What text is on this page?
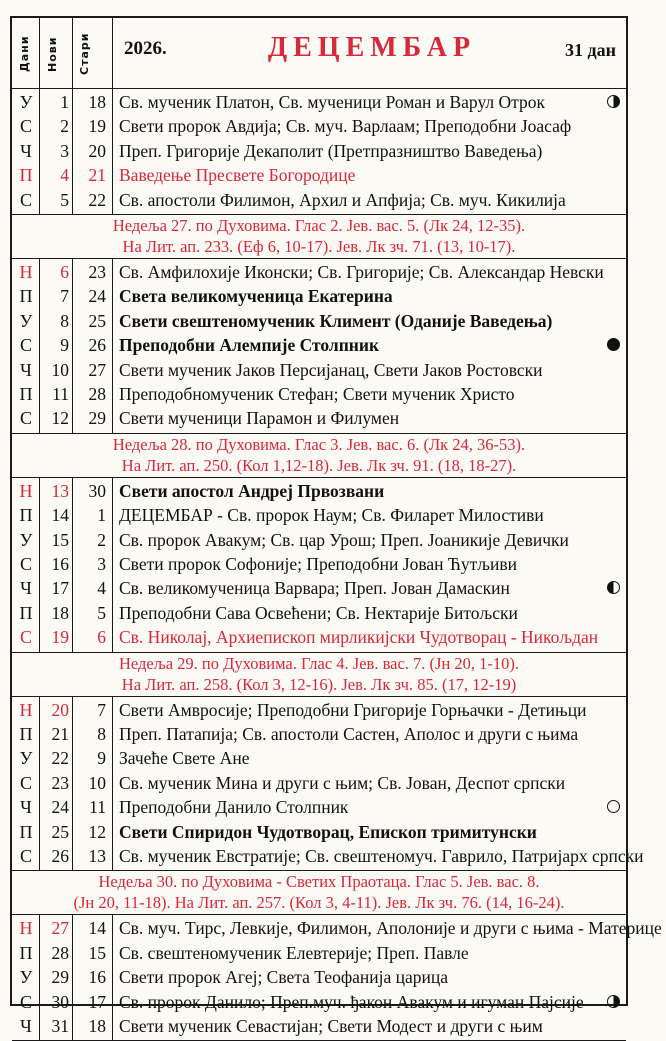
Дани Нови Стари 2026.	ДЕЦЕМБАР	31 дан
У	1	18 Св. мученик Платон, Св. мученици Роман и Варул Отрок
С	2	19 Свети пророк Авдија; Св. муч. Варлаам; Преподобни Јоасаф
Ч	3	20 Преп. Григорије Декаполит (Претпразништво Ваведења)
П	4	21 Ваведење Пресвете Богородице
С	5	22 Св. апостоли Филимон, Архил и Апфија; Св. муч. Кикилија
Недеља 27. по Духовима. Глас 2. Јев. вас. 5. (Лк 24, 12-35).
На Лит. ап. 233. (Еф 6, 10-17). Јев. Лк зч. 71. (13, 10-17).
Н	6	23 Св. Амфилохије Иконски; Св. Григорије; Св. Александар Невски
П	7	24 Света великомученица Екатерина
У	8	25 Свети свештеномученик Климент (Оданије Ваведења)
С	9	26 Преподобни Алемпије Столпник
Ч	10	27 Свети мученик Јаков Персијанац, Свети Јаков Ростовски
П	11	28 Преподобномученик Стефан; Свети мученик Христо
С	12	29 Свети мученици Парамон и Филумен
Недеља 28. по Духовима. Глас 3. Јев. вас. 6. (Лк 24, 36-53).
На Лит. ап. 250. (Кол 1,12-18). Јев. Лк зч. 91. (18, 18-27).
Н	13	30 Свети апостол Андреј Првозвани
П	14	1 ДЕЦЕМБАР - Св. пророк Наум; Св. Филарет Милостиви
У	15	2 Св. пророк Авакум; Св. цар Урош; Преп. Јоаникије Девички
С	16	3 Свети пророк Софоније; Преподобни Јован Ћутљиви
Ч	17	4 Св. великомученица Варвара; Преп. Јован Дамаскин
П	18	5 Преподобни Сава Освећени; Св. Нектарије Битољски
С	19	6 Св. Николај, Архиепископ мирликијски Чудотворац - Никољдан
Недеља 29. по Духовима. Глас 4. Јев. вас. 7. (Јн 20, 1-10).
На Лит. ап. 258. (Кол 3, 12-16). Јев. Лк зч. 85. (17, 12-19)
Н	20	7 Свети Амвросије; Преподобни Григорије Горњачки - Детињци
П	21	8 Преп. Патапија; Св. апостоли Састен, Аполос и други с њима
У	22	9 Зачеће Свете Ане
С	23	10 Св. мученик Мина и други с њим; Св. Јован, Деспот српски
Ч	24	11 Преподобни Данило Столпник
П	25	12 Свети Спиридон Чудотворац, Епископ тримитунски
С	26	13 Св. мученик Евстратије; Св. свештеномуч. Гаврило, Патријарх српски
Недеља 30. по Духовима - Светих Праотаца. Глас 5. Јев. вас. 8.
(Јн 20, 11-18). На Лит. ап. 257. (Кол 3, 4-11). Јев. Лк зч. 76. (14, 16-24).
Н	27	14 Св. муч. Тирс, Левкије, Филимон, Аполоније и други с њима - Материце
П	28	15 Св. свештеномученик Елевтерије; Преп. Павле
У	29	16 Свети пророк Агеј; Света Теофанија царица
С	30	17 Св. пророк Данило; Преп.муч. ђакон Авакум и игуман Пајсије
Ч	31	18 Свети мученик Севастијан; Свети Модест и други с њим
